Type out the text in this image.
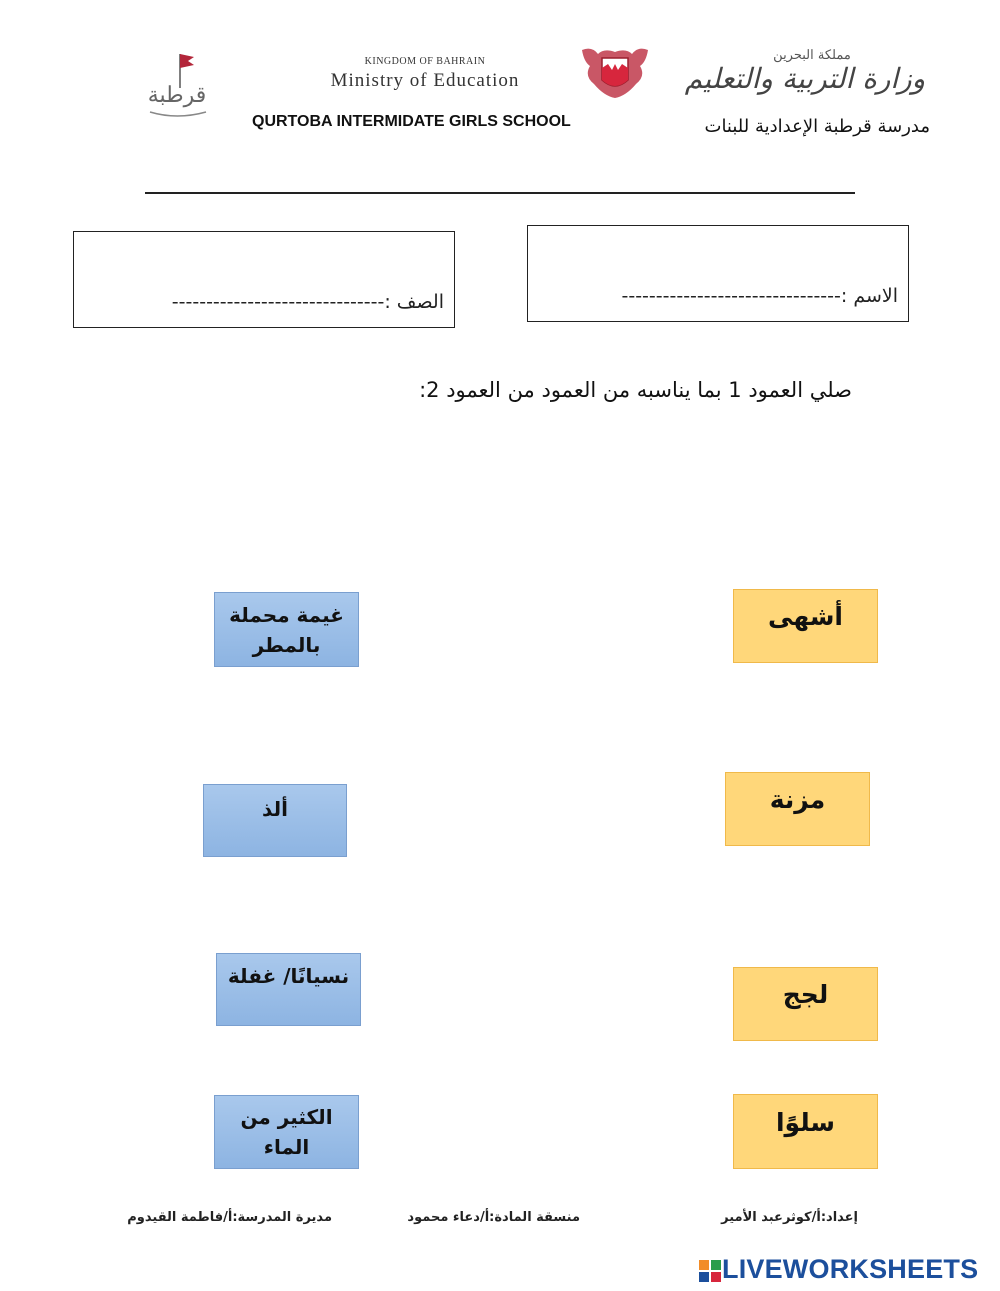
قرطبة
KINGDOM OF BAHRAIN
Ministry of Education
QURTOBA INTERMIDATE GIRLS SCHOOL
مملكة البحرين
وزارة التربية والتعليم
مدرسة قرطبة الإعدادية للبنات
الصف :-------------------------------	الاسم :--------------------------------
صلي العمود 1 بما يناسبه من العمود من العمود 2:
غيمة محملة بالمطر
ألذ
نسيانًا/ غفلة
الكثير من الماء
أشهى
مزنة
لجج
سلوًا
إعداد:أ/كوثرعبد الأمير
منسقة المادة:أ/دعاء محمود
مديرة المدرسة:أ/فاطمة القيدوم
LIVEWORKSHEETS
